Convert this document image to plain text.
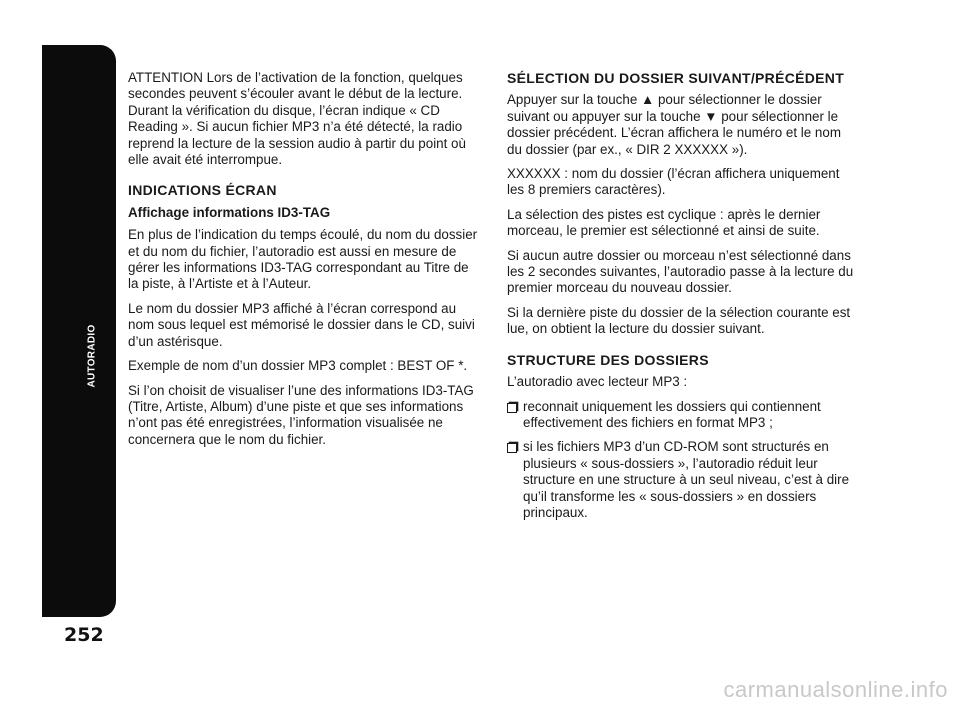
AUTORADIO
252

ATTENTION Lors de l’activation de la fonction, quelques secondes peuvent s’écouler avant le début de la lecture. Durant la vérification du disque, l’écran indique « CD Reading ». Si aucun fichier MP3 n’a été détecté, la radio reprend la lecture de la session audio à partir du point où elle avait été interrompue.

INDICATIONS ÉCRAN
Affichage informations ID3-TAG

En plus de l’indication du temps écoulé, du nom du dossier et du nom du fichier, l’autoradio est aussi en mesure de gérer les informations ID3-TAG correspondant au Titre de la piste, à l’Artiste et à l’Auteur.

Le nom du dossier MP3 affiché à l’écran correspond au nom sous lequel est mémorisé le dossier dans le CD, suivi d’un astérisque.

Exemple de nom d’un dossier MP3 complet : BEST OF *.

Si l’on choisit de visualiser l’une des informations ID3-TAG (Titre, Artiste, Album) d’une piste et que ses informations n’ont pas été enregistrées, l’information visualisée ne concernera que le nom du fichier.

SÉLECTION DU DOSSIER SUIVANT/PRÉCÉDENT

Appuyer sur la touche ▲ pour sélectionner le dossier suivant ou appuyer sur la touche ▼ pour sélectionner le dossier précédent. L’écran affichera le numéro et le nom du dossier (par ex., « DIR 2 XXXXXX »).

XXXXXX : nom du dossier (l’écran affichera uniquement les 8 premiers caractères).

La sélection des pistes est cyclique : après le dernier morceau, le premier est sélectionné et ainsi de suite.

Si aucun autre dossier ou morceau n’est sélectionné dans les 2 secondes suivantes, l’autoradio passe à la lecture du premier morceau du nouveau dossier.

Si la dernière piste du dossier de la sélection courante est lue, on obtient la lecture du dossier suivant.

STRUCTURE DES DOSSIERS

L’autoradio avec lecteur MP3 :

reconnait uniquement les dossiers qui contiennent effectivement des fichiers en format MP3 ;
si les fichiers MP3 d’un CD-ROM sont structurés en plusieurs « sous-dossiers », l’autoradio réduit leur structure en une structure à un seul niveau, c’est à dire qu’il transforme les « sous-dossiers » en dossiers principaux.
carmanualsonline.info
